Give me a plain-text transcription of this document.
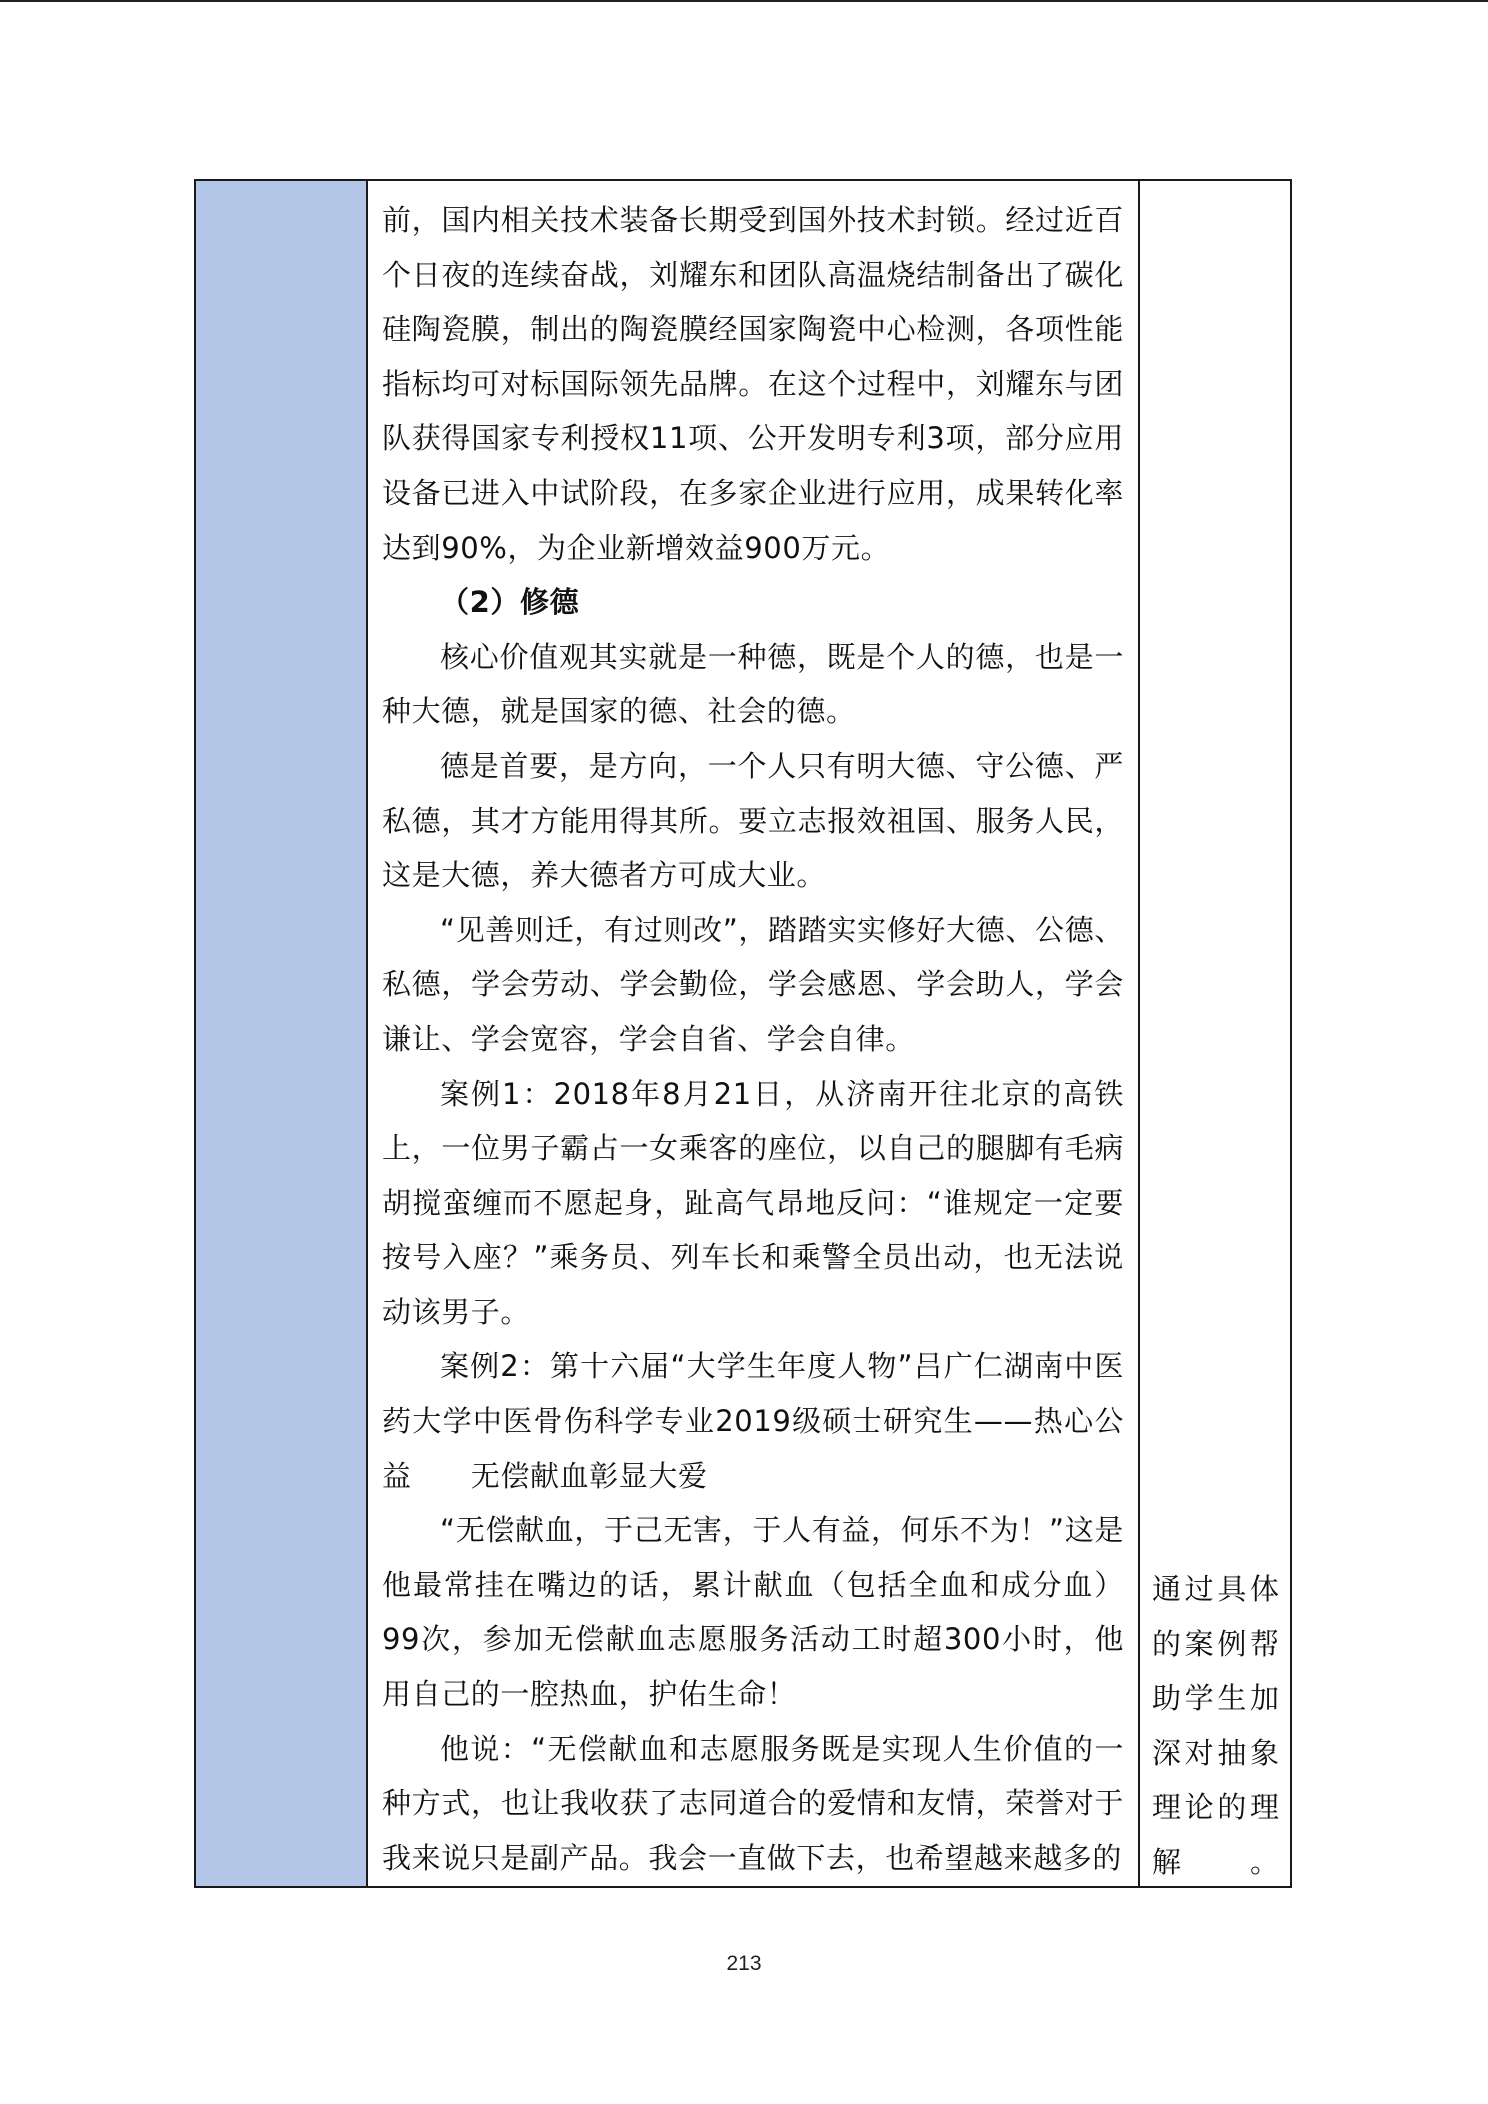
前，国内相关技术装备长期受到国外技术封锁。经过近百个日夜的连续奋战，刘耀东和团队高温烧结制备出了碳化硅陶瓷膜，制出的陶瓷膜经国家陶瓷中心检测，各项性能指标均可对标国际领先品牌。在这个过程中，刘耀东与团队获得国家专利授权11项、公开发明专利3项，部分应用设备已进入中试阶段，在多家企业进行应用，成果转化率达到90%，为企业新增效益900万元。

（2）修德

核心价值观其实就是一种德，既是个人的德，也是一种大德，就是国家的德、社会的德。

德是首要，是方向，一个人只有明大德、守公德、严私德，其才方能用得其所。要立志报效祖国、服务人民，这是大德，养大德者方可成大业。

“见善则迁，有过则改”，踏踏实实修好大德、公德、私德，学会劳动、学会勤俭，学会感恩、学会助人，学会谦让、学会宽容，学会自省、学会自律。

案例1：2018年8月21日，从济南开往北京的高铁上，一位男子霸占一女乘客的座位，以自己的腿脚有毛病胡搅蛮缠而不愿起身，趾高气昂地反问：“谁规定一定要按号入座？”乘务员、列车长和乘警全员出动，也无法说动该男子。

案例2：第十六届“大学生年度人物”吕广仁湖南中医药大学中医骨伤科学专业2019级硕士研究生——热心公益　　无偿献血彰显大爱

“无偿献血，于己无害，于人有益，何乐不为！”这是他最常挂在嘴边的话，累计献血（包括全血和成分血）99次，参加无偿献血志愿服务活动工时超300小时，他用自己的一腔热血，护佑生命！

他说：“无偿献血和志愿服务既是实现人生价值的一种方式，也让我收获了志同道合的爱情和友情，荣誉对于我来说只是副产品。我会一直做下去，也希望越来越多的

通过具体的案例帮助学生加深对抽象理论的理解。

213
